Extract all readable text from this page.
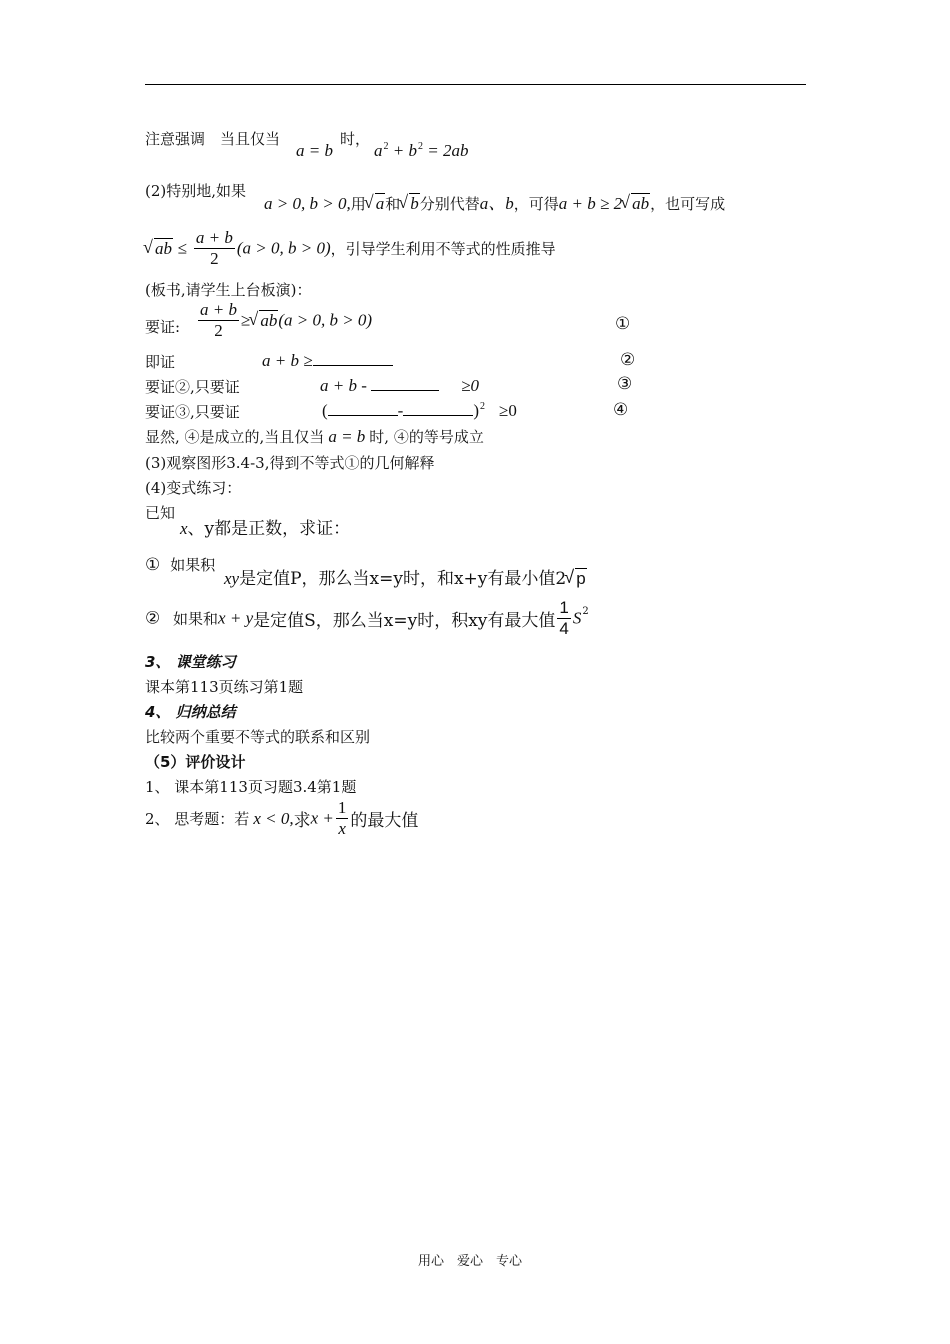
注意强调　当且仅当
a = b
时，
$a^2 + b^2 = 2ab$
(2)特别地,如果
a > 0, b > 0,用 √ a和 √ b分别代替a、b，可得a + b ≥ 2 √ ab，也可写成
√ ab ≤ $\frac{a + b}{2} (a > 0$, b > 0)，引导学生利用不等式的性质推导
(板书,请学生上台板演)：
要证: $\frac{a + b}{2}$ ≥ √ ab(a > 0, b > 0)	①
即证	a + b ≥	②
要证②,只要证	a + b -	≥0	③
要证③,只要证	(	-	)$^2$ ≥0	④
显然, ④是成立的,当且仅当 a = b 时, ④的等号成立
(3)观察图形3.4-3,得到不等式①的几何解释
(4)变式练习：
已知
x、y都是正数，求证：
① 如果积
xy是定值P，那么当x=y时，和x+y有最小值2 √ p
② 如果和x + y是定值S，那么当x=y时，积xy有最大值 $\frac{1}{4} S^2$
3、 课堂练习
课本第113页练习第1题
4、 归纳总结
比较两个重要不等式的联系和区别
（5）评价设计
1、 课本第113页习题3.4第1题
2、 思考题：若 x < 0,求$x + \frac{1}{x}$ 的最大值
用心　爱心　专心
